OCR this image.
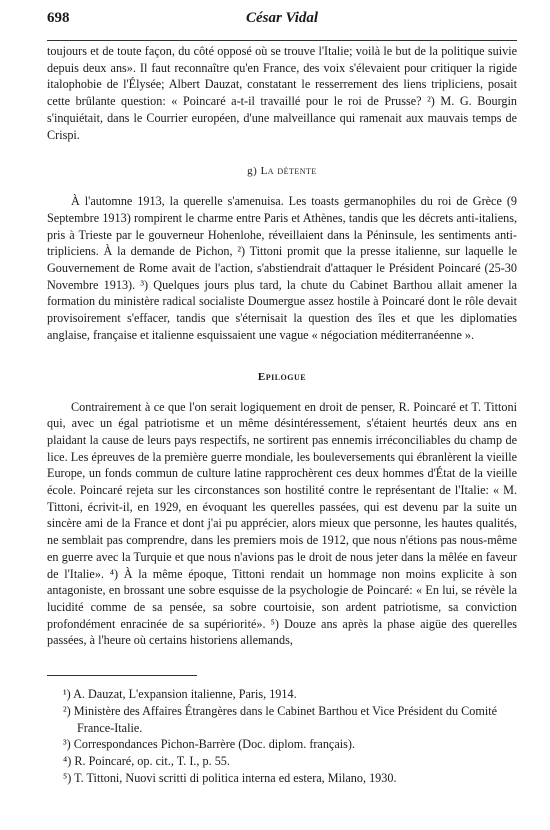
698	César Vidal

toujours et de toute façon, du côté opposé où se trouve l'Italie; voilà le but de la politique suivie depuis deux ans». Il faut reconnaître qu'en France, des voix s'élevaient pour critiquer la rigide italophobie de l'Élysée; Albert Dauzat, constatant le resserrement des liens tripliciens, posait cette brûlante question: « Poincaré a-t-il travaillé pour le roi de Prusse? ²) M. G. Bourgin s'inquiétait, dans le Courrier européen, d'une malveillance qui ramenait aux mauvais temps de Crispi.

g) La détente

À l'automne 1913, la querelle s'amenuisa. Les toasts germanophiles du roi de Grèce (9 Septembre 1913) rompirent le charme entre Paris et Athènes, tandis que les décrets anti-italiens, pris à Trieste par le gouverneur Hohenlohe, réveillaient dans la Péninsule, les sentiments anti-tripliciens. À la demande de Pichon, ²) Tittoni promit que la presse italienne, sur laquelle le Gouvernement de Rome avait de l'action, s'abstiendrait d'attaquer le Président Poincaré (25-30 Novembre 1913). ³) Quelques jours plus tard, la chute du Cabinet Barthou allait amener la formation du ministère radical socialiste Doumergue assez hostile à Poincaré dont le rôle devait provisoirement s'effacer, tandis que s'éternisait la question des îles et que les diplomaties anglaise, française et italienne esquissaient une vague « négociation méditerranéenne ».

Epilogue

Contrairement à ce que l'on serait logiquement en droit de penser, R. Poincaré et T. Tittoni qui, avec un égal patriotisme et un même désintéressement, s'étaient heurtés deux ans en plaidant la cause de leurs pays respectifs, ne sortirent pas ennemis irréconciliables du champ de lice. Les épreuves de la première guerre mondiale, les bouleversements qui ébranlèrent la vieille Europe, un fonds commun de culture latine rapprochèrent ces deux hommes d'État de la vieille école. Poincaré rejeta sur les circonstances son hostilité contre le représentant de l'Italie: « M. Tittoni, écrivit-il, en 1929, en évoquant les querelles passées, qui est devenu par la suite un sincère ami de la France et dont j'ai pu apprécier, alors mieux que personne, les hautes qualités, ne semblait pas comprendre, dans les premiers mois de 1912, que nous n'étions pas nous-même en guerre avec la Turquie et que nous n'avions pas le droit de nous jeter dans la mêlée en faveur de l'Italie». ⁴) À la même époque, Tittoni rendait un hommage non moins explicite à son antagoniste, en brossant une sobre esquisse de la psychologie de Poincaré: « En lui, se révèle la lucidité comme de sa pensée, sa sobre courtoisie, son ardent patriotisme, sa conviction profondément enracinée de sa supériorité». ⁵) Douze ans après la phase aigüe des querelles passées, à l'heure où certains historiens allemands,

¹) A. Dauzat, L'expansion italienne, Paris, 1914.

²) Ministère des Affaires Étrangères dans le Cabinet Barthou et Vice Président du Comité France-Italie.

³) Correspondances Pichon-Barrère (Doc. diplom. français).

⁴) R. Poincaré, op. cit., T. I., p. 55.

⁵) T. Tittoni, Nuovi scritti di politica interna ed estera, Milano, 1930.
